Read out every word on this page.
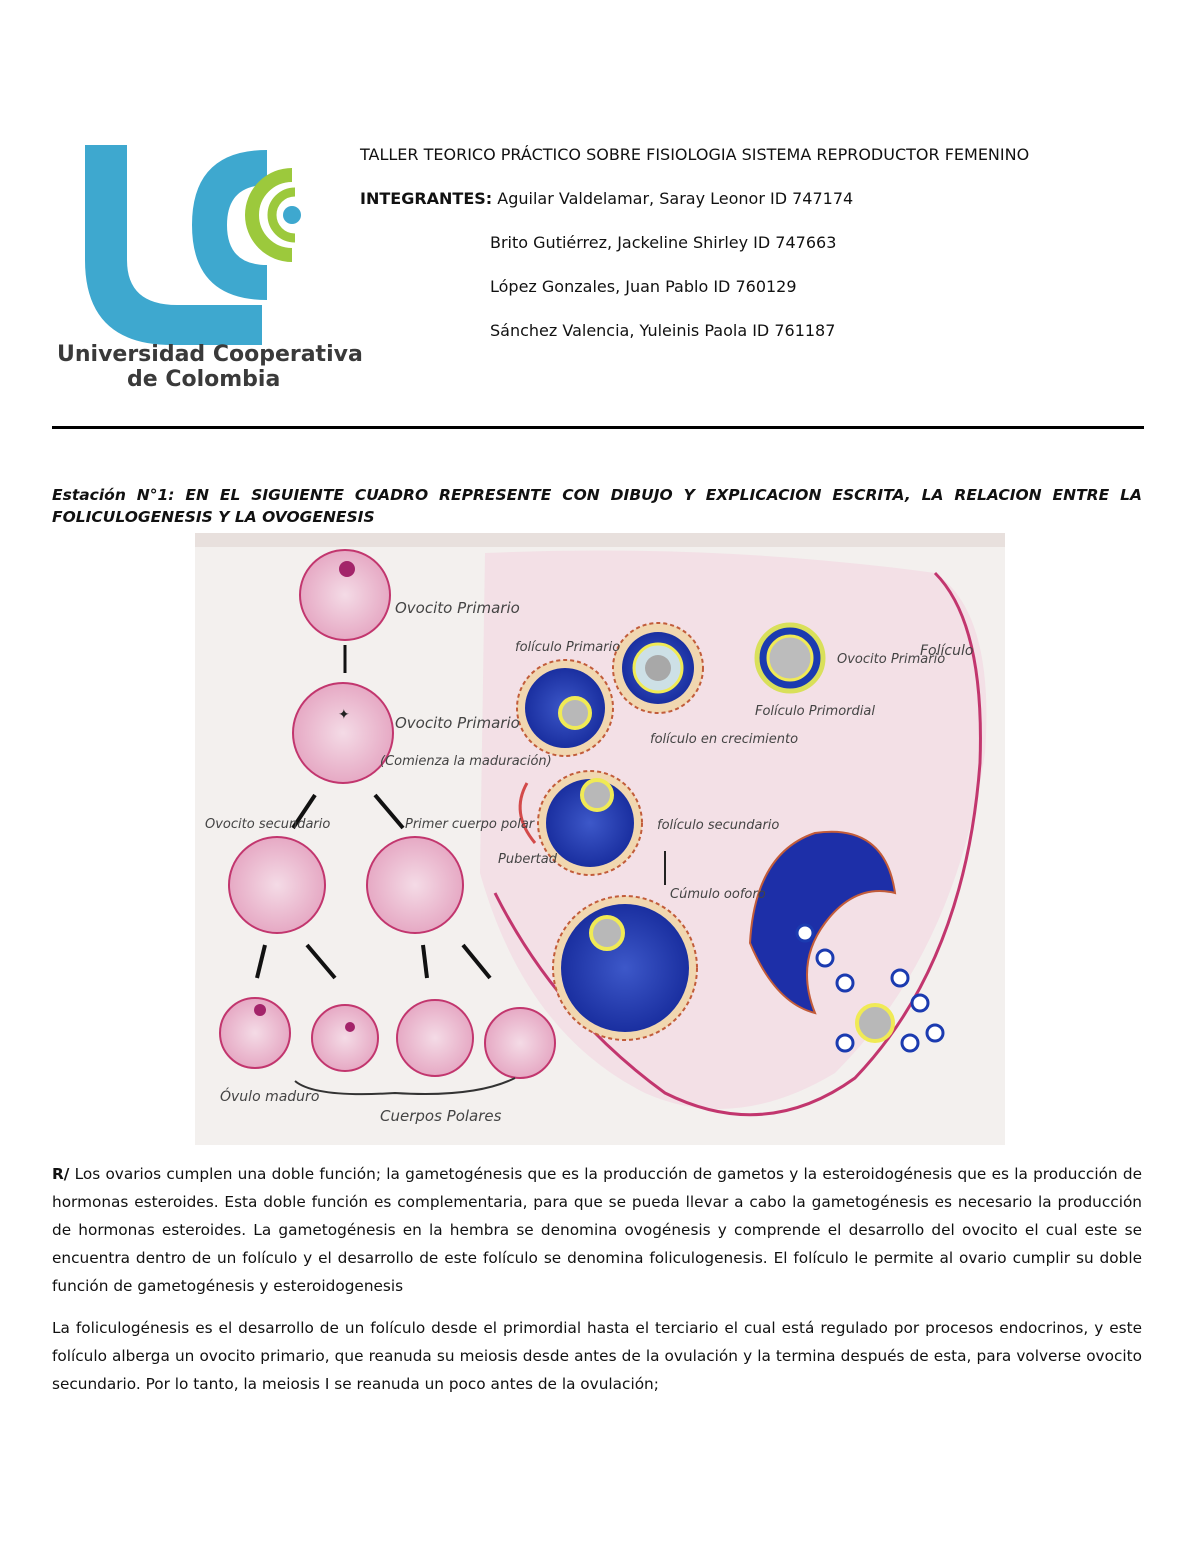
Universidad Cooperativa
de Colombia
TALLER TEORICO PRÁCTICO SOBRE FISIOLOGIA SISTEMA REPRODUCTOR FEMENINO
INTEGRANTES: Aguilar Valdelamar, Saray Leonor ID 747174
Brito Gutiérrez, Jackeline Shirley ID 747663
López Gonzales, Juan Pablo ID 760129
Sánchez Valencia, Yuleinis Paola ID 761187
Estación N°1: EN EL SIGUIENTE CUADRO REPRESENTE CON DIBUJO Y EXPLICACION ESCRITA, LA RELACION ENTRE LA FOLICULOGENESIS Y LA OVOGENESIS
✦
Ovocito Primario
Ovocito Primario
(Comienza la maduración)
Ovocito secundario	Primer cuerpo polar
Óvulo maduro
Cuerpos Polares
folículo Primario
folículo en crecimiento
Ovocito Primario
Folículo
Folículo Primordial
folículo secundario
Pubertad
Cúmulo ooforo
R/ Los ovarios cumplen una doble función; la gametogénesis que es la producción de gametos y la esteroidogénesis que es la producción de hormonas esteroides. Esta doble función es complementaria, para que se pueda llevar a cabo la gametogénesis es necesario la producción de hormonas esteroides. La gametogénesis en la hembra se denomina ovogénesis y comprende el desarrollo del ovocito el cual este se encuentra dentro de un folículo y el desarrollo de este folículo se denomina foliculogenesis. El folículo le permite al ovario cumplir su doble función de gametogénesis y esteroidogenesis
La foliculogénesis es el desarrollo de un folículo desde el primordial hasta el terciario el cual está regulado por procesos endocrinos, y este folículo alberga un ovocito primario, que reanuda su meiosis desde antes de la ovulación y la termina después de esta, para volverse ovocito secundario. Por lo tanto, la meiosis I se reanuda un poco antes de la ovulación;
